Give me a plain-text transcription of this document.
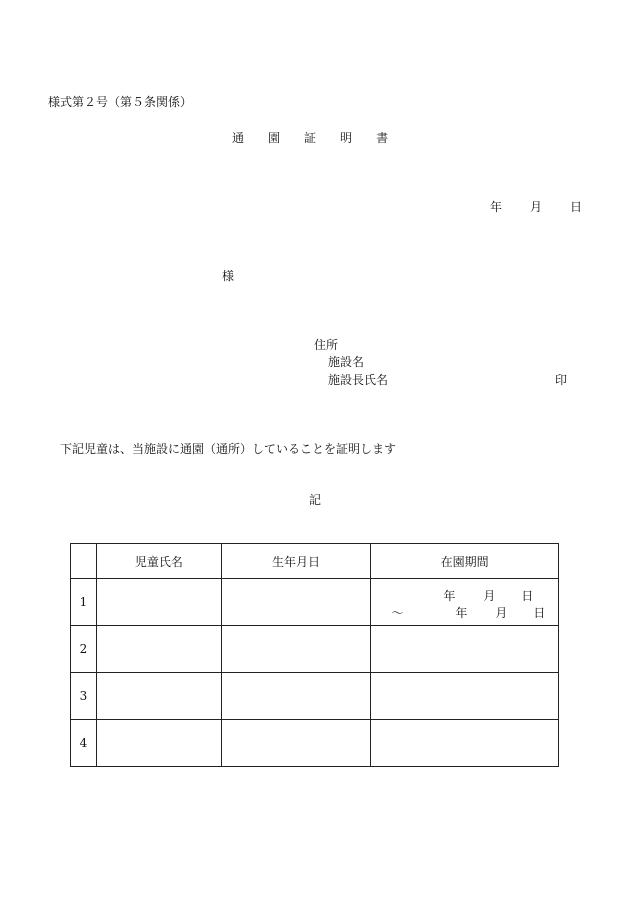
様式第２号（第５条関係）
通 園 証 明 書
年 月 日
様
住所
施設名
施設長氏名	印
下記児童は、当施設に通園（通所）していることを証明します
記
	児童氏名	生年月日	在園期間
1			年 月 日
～ 年 月 日

2			
3			
4			
